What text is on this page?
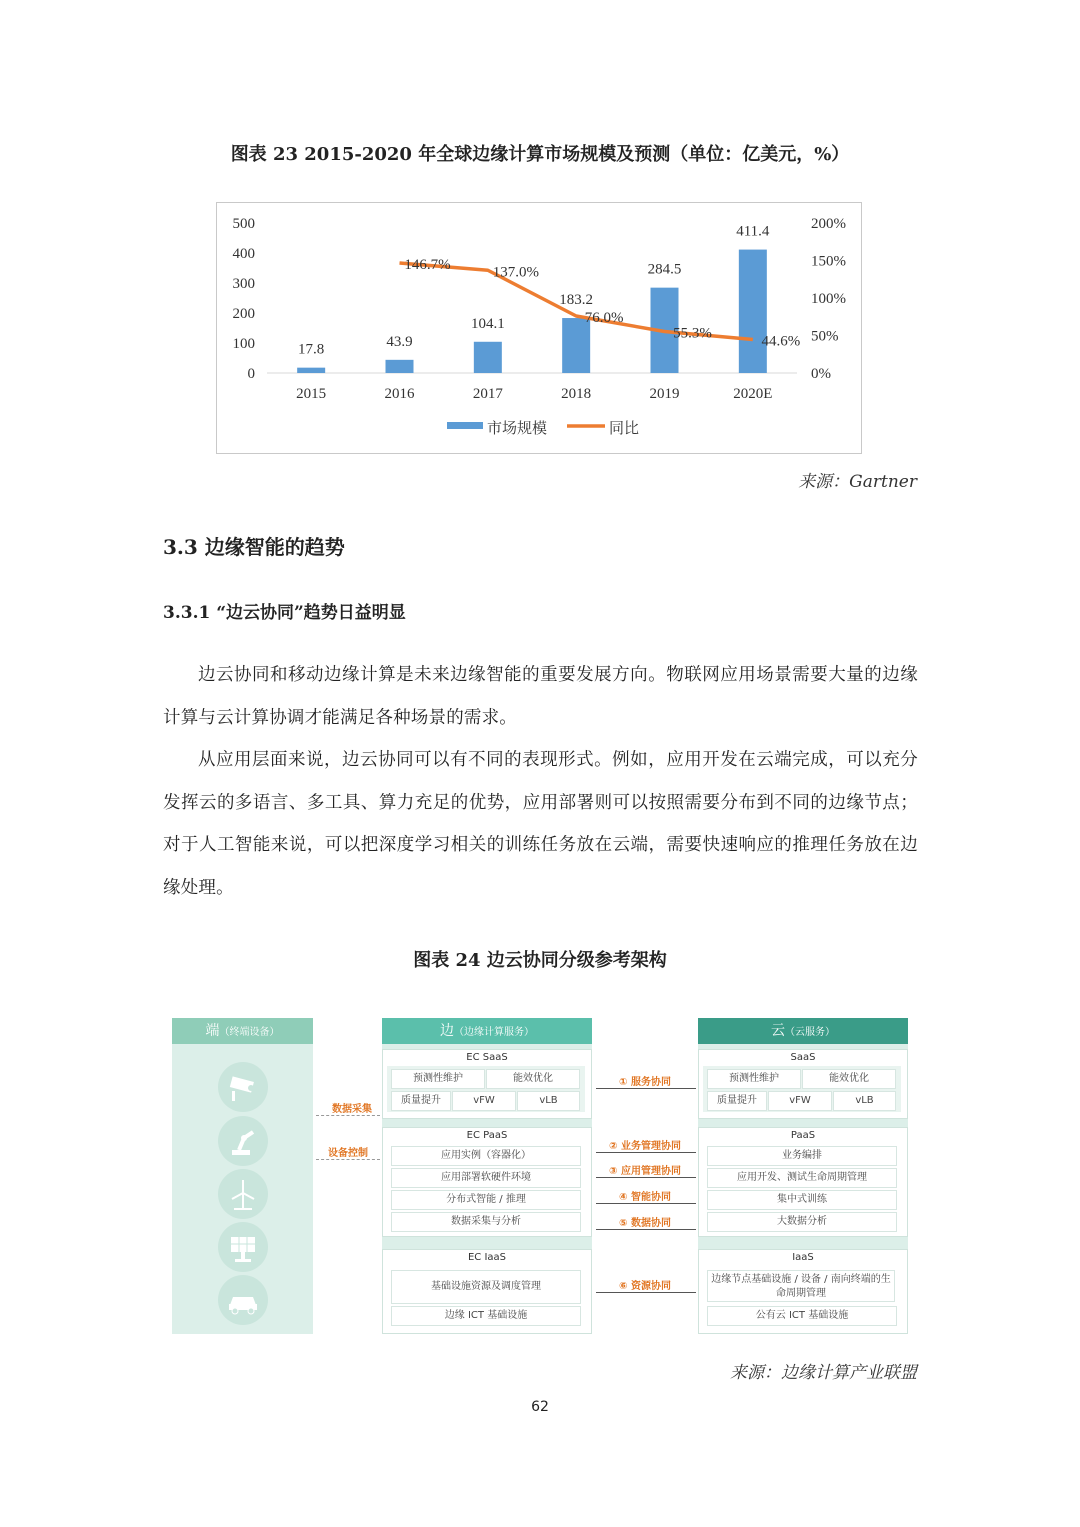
图表 23 2015-2020 年全球边缘计算市场规模及预测（单位：亿美元，%）
0
100
200
300
400
500
0%
50%
100%
150%
200%
17.8
2015
43.9
2016
104.1
2017
183.2
2018
284.5
2019
411.4
2020E
146.7%	137.0%
76.0%
55.3%
44.6%
市场规模	同比
来源：Gartner
3.3 边缘智能的趋势
3.3.1 “边云协同”趋势日益明显

边云协同和移动边缘计算是未来边缘智能的重要发展方向。物联网应用场景需要大量的边缘计算与云计算协调才能满足各种场景的需求。

从应用层面来说，边云协同可以有不同的表现形式。例如，应用开发在云端完成，可以充分发挥云的多语言、多工具、算力充足的优势，应用部署则可以按照需要分布到不同的边缘节点；对于人工智能来说，可以把深度学习相关的训练任务放在云端，需要快速响应的推理任务放在边缘处理。

图表 24 边云协同分级参考架构
端（终端设备）
数据采集
设备控制
边（边缘计算服务）
EC SaaS
预测性维护	能效优化
质量提升	vFW	vLB
EC PaaS
应用实例（容器化）
应用部署软硬件环境
分布式智能 / 推理
数据采集与分析
EC IaaS
基础设施资源及调度管理
边缘 ICT 基础设施
① 服务协同
② 业务管理协同
③ 应用管理协同
④ 智能协同
⑤ 数据协同
⑥ 资源协同
云（云服务）
SaaS
预测性维护	能效优化
质量提升	vFW	vLB
PaaS
业务编排
应用开发、测试生命周期管理
集中式训练
大数据分析
IaaS
边缘节点基础设施 / 设备 / 南向终端的生命周期管理
公有云 ICT 基础设施
来源：边缘计算产业联盟
62
